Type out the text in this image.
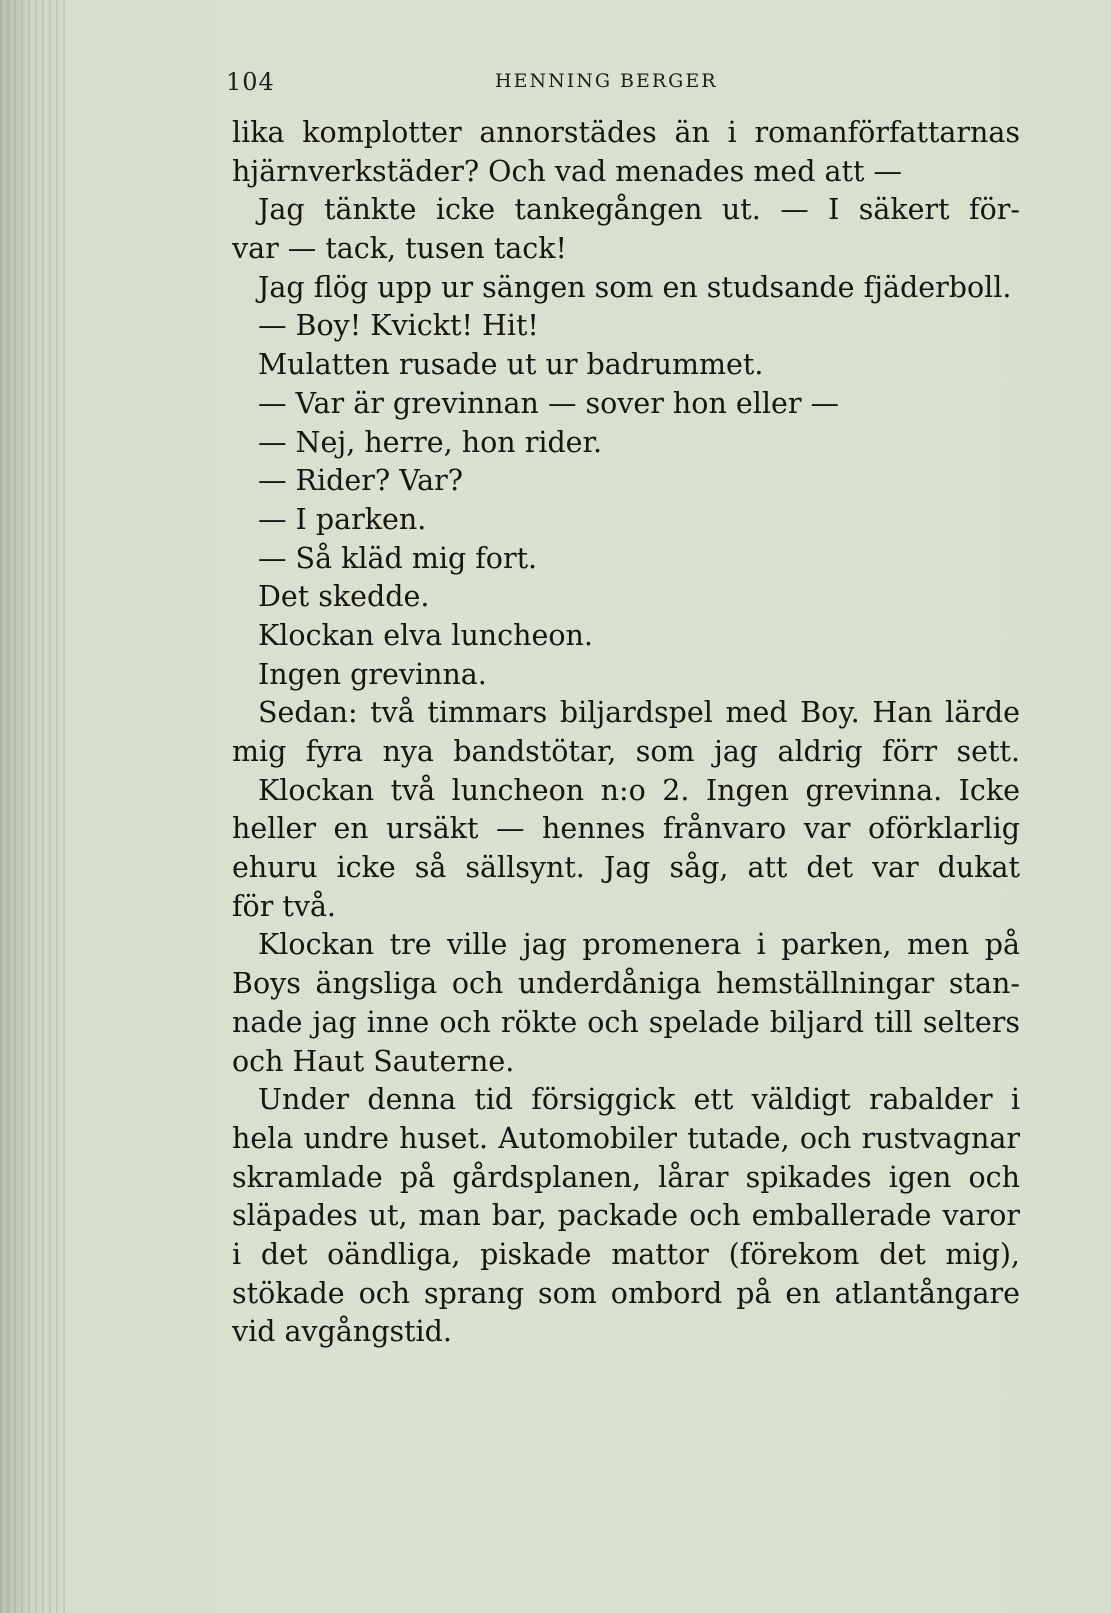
104	HENNING BERGER
lika komplotter annorstädes än i romanförfattarnas
hjärnverkstäder? Och vad menades med att —
Jag tänkte icke tankegången ut. — I säkert för-
var — tack, tusen tack!
Jag flög upp ur sängen som en studsande fjäderboll.
— Boy! Kvickt! Hit!
Mulatten rusade ut ur badrummet.
— Var är grevinnan — sover hon eller —
— Nej, herre, hon rider.
— Rider? Var?
— I parken.
— Så kläd mig fort.
Det skedde.
Klockan elva luncheon.
Ingen grevinna.
Sedan: två timmars biljardspel med Boy. Han lärde
mig fyra nya bandstötar, som jag aldrig förr sett.
Klockan två luncheon n:o 2. Ingen grevinna. Icke
heller en ursäkt — hennes frånvaro var oförklarlig
ehuru icke så sällsynt. Jag såg, att det var dukat
för två.
Klockan tre ville jag promenera i parken, men på
Boys ängsliga och underdåniga hemställningar stan-
nade jag inne och rökte och spelade biljard till selters
och Haut Sauterne.
Under denna tid försiggick ett väldigt rabalder i
hela undre huset. Automobiler tutade, och rustvagnar
skramlade på gårdsplanen, lårar spikades igen och
släpades ut, man bar, packade och emballerade varor
i det oändliga, piskade mattor (förekom det mig),
stökade och sprang som ombord på en atlantångare
vid avgångstid.
